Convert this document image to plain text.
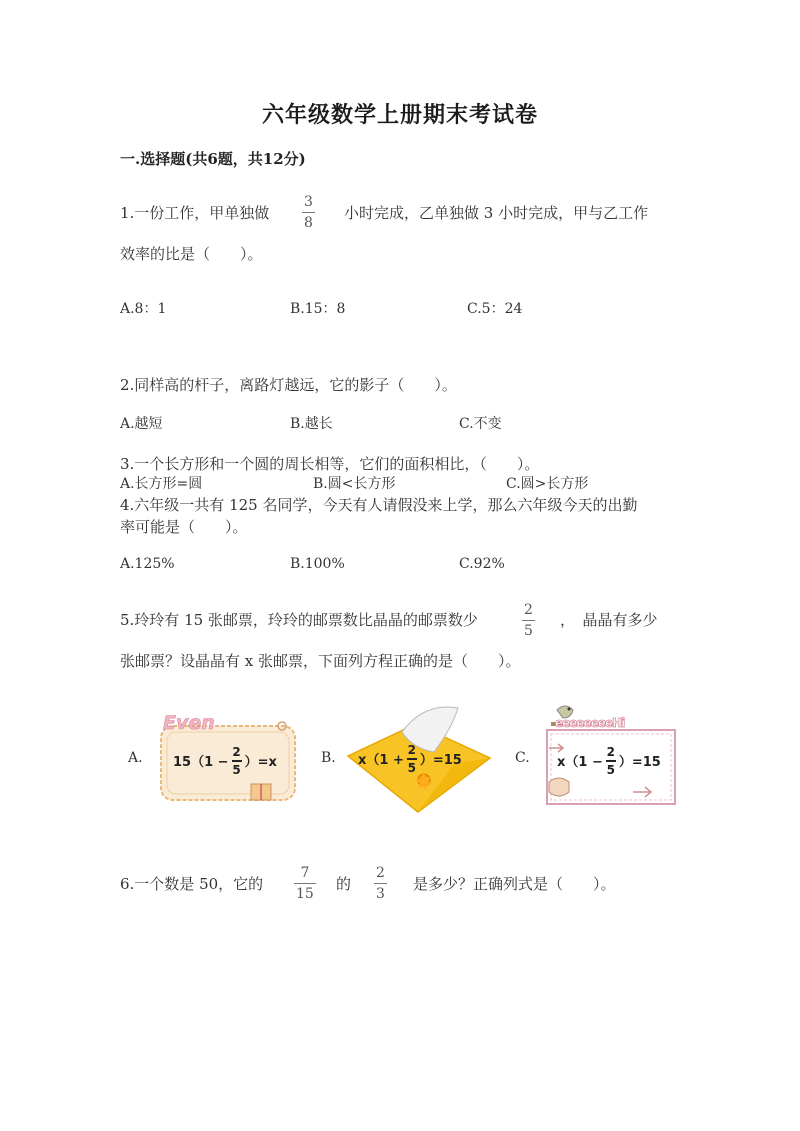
六年级数学上册期末考试卷
一.选择题(共6题，共12分)
1.一份工作，甲单独做
3
8
小时完成，乙单独做 3 小时完成，甲与乙工作
效率的比是（　　）。
A.8：1	B.15：8	C.5：24
2.同样高的杆子，离路灯越远，它的影子（　　）。
A.越短	B.越长	C.不变
3.一个长方形和一个圆的周长相等，它们的面积相比，（　　）。
A.长方形=圆	B.圆<长方形	C.圆>长方形
4.六年级一共有 125 名同学，今天有人请假没来上学，那么六年级今天的出勤
率可能是（　　）。
A.125%	B.100%	C.92%
5.玲玲有 15 张邮票，玲玲的邮票数比晶晶的邮票数少
2
5
，　晶晶有多少
张邮票？设晶晶有 x 张邮票，下面列方程正确的是（　　）。
A.
Even
$15(1 - \frac{2}{5} )=x$	B. $x(1 + \frac{2}{5} )=15$	C.
eeeeeeeeHi
$x(1 - \frac{2}{5} )=15$
6.一个数是 50，它的
7
15
的
2
3
是多少？正确列式是（　　）。
